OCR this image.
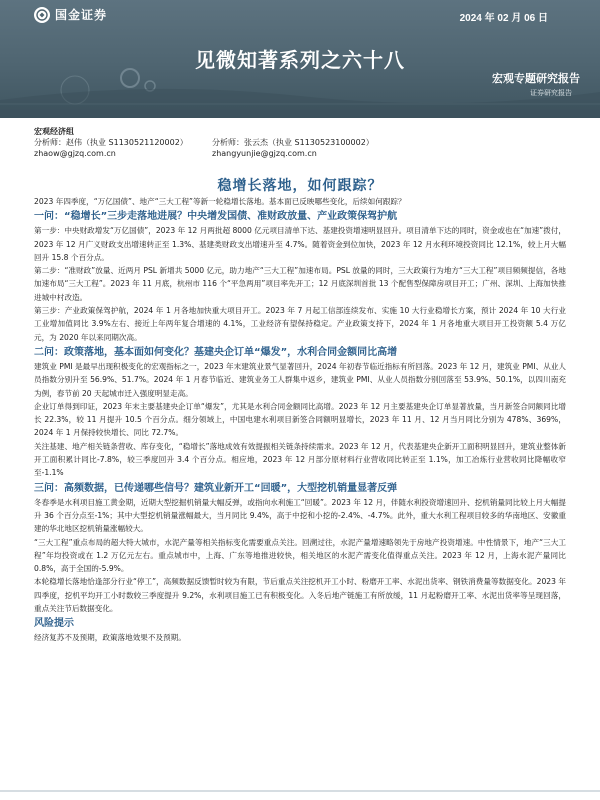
国金证券	2024 年 02 月 06 日
见微知著系列之六十八
宏观专题研究报告
证券研究报告
宏观经济组
分析师：赵伟（执业 S1130521120002）	分析师：张云杰（执业 S1130523100002）
zhaow@gjzq.com.cn	zhangyunjie@gjzq.com.cn
稳增长落地，如何跟踪？

2023 年四季度，“万亿国债”、地产“三大工程”等新一轮稳增长落地。基本面已反映哪些变化，后续如何跟踪？

一问：“稳增长”三步走落地进展？中央增发国债、准财政放量、产业政策保驾护航

第一步：中央财政增发“万亿国债”，2023 年 12 月两批超 8000 亿元项目清单下达、基建投资增速明显回升。项目清单下达的同时，资金或也在“加速”拨付，2023 年 12 月广义财政支出增速转正至 1.3%、基建类财政支出增速升至 4.7%。随着资金到位加快，2023 年 12 月水利环境投资同比 12.1%，较上月大幅回升 15.8 个百分点。

第二步：“准财政”放量、近两月 PSL 新增共 5000 亿元，助力地产“三大工程”加速布局。PSL 放量的同时，三大政策行为地方“三大工程”项目频频提信，各地加速布局“三大工程”。2023 年 11 月底，杭州市 116 个“平急两用”项目率先开工；12 月底深圳首批 13 个配售型保障房项目开工；广州、深圳、上海加快推进城中村改造。

第三步：产业政策保驾护航，2024 年 1 月各地加快重大项目开工。2023 年 7 月起工信部连续发布、实施 10 大行业稳增长方案，预计 2024 年 10 大行业工业增加值同比 3.9%左右、接近上年两年复合增速的 4.1%，工业经济有望保持稳定。产业政策支持下，2024 年 1 月各地重大项目开工投资额 5.4 万亿元，为 2020 年以来同期次高。

二问：政策落地，基本面如何变化？基建央企订单“爆发”，水利合同金额同比高增

建筑业 PMI 是最早出现积极变化的宏观指标之一，2023 年末建筑业景气显著回升，2024 年初春节临近指标有所回落。2023 年 12 月，建筑业 PMI、从业人员指数分别升至 56.9%、51.7%。2024 年 1 月春节临近、建筑业务工人群集中返乡，建筑业 PMI、从业人员指数分别回落至 53.9%、50.1%，以四川南充为例，春节前 20 天起城市迁入强度明显走高。

企业订单得到印证，2023 年末主要基建央企订单“爆发”，尤其是水利合同金额同比高增。2023 年 12 月主要基建央企订单显著放量，当月新签合同额同比增长 22.3%，较 11 月提升 10.5 个百分点。细分领域上，中国电建水利项目新签合同额明显增长，2023 年 11 月、12 月当月同比分别为 478%、369%，2024 年 1 月保持较快增长、同比 72.7%。

关注基建、地产相关链条营收、库存变化，“稳增长”落地成效有效提振相关链条持续需求。2023 年 12 月，代表基建央企新开工面积明显回升，建筑业整体新开工面积累计同比-7.8%，较三季度回升 3.4 个百分点。相应地，2023 年 12 月部分原材料行业营收同比转正至 1.1%，加工冶炼行业营收同比降幅收窄至-1.1%

三问：高频数据，已传递哪些信号？建筑业新开工“回暖”，大型挖机销量显著反弹

冬春季是水利项目施工黄金期，近期大型挖掘机销量大幅反弹，或指向水利施工“回暖”。2023 年 12 月，伴随水利投资增速回升、挖机销量同比较上月大幅提升 36 个百分点至-1%；其中大型挖机销量涨幅最大，当月同比 9.4%，高于中挖和小挖的-2.4%、-4.7%。此外，重大水利工程项目较多的华南地区、安徽重建的华北地区挖机销量涨幅较大。

“三大工程”重点布局的超大特大城市，水泥产量等相关指标变化需要重点关注。回溯过往，水泥产量增速略领先于房地产投资增速。中性情景下，地产“三大工程”年均投资或在 1.2 万亿元左右。重点城市中，上海、广东等地推进较快，相关地区的水泥产需变化值得重点关注。2023 年 12 月，上海水泥产量同比 0.8%，高于全国的-5.9%。

本轮稳增长落地恰逢部分行业“停工”，高频数据反馈暂时较为有限，节后重点关注挖机开工小时、粉磨开工率、水泥出货率、钢铁消费量等数据变化。2023 年四季度，挖机平均开工小时数较三季度提升 9.2%，水利项目施工已有积极变化。入冬后地产链施工有所放缓，11 月起粉磨开工率、水泥出货率等呈现回落，重点关注节后数据变化。

风险提示

经济复苏不及预期，政策落地效果不及预期。
